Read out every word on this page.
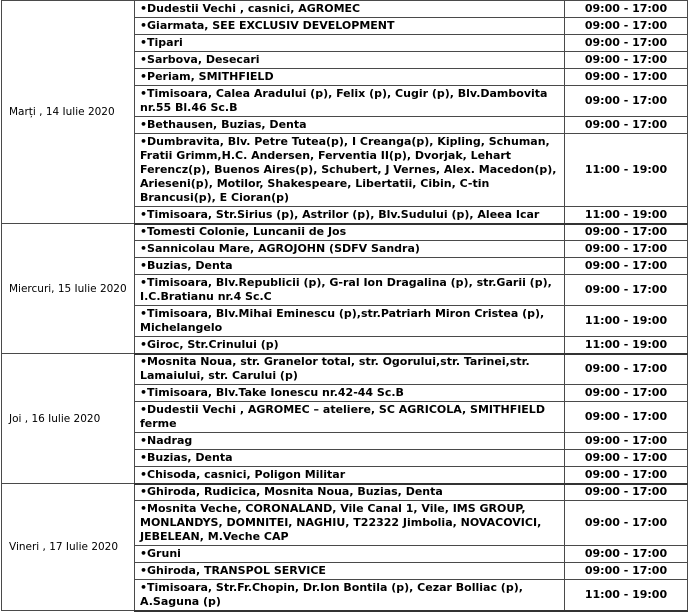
Marți , 14 Iulie 2020	• Dudestii Vechi , casnici, AGROMEC	09:00 - 17:00
	• Giarmata, SEE EXCLUSIV DEVELOPMENT	09:00 - 17:00
	• Tipari	09:00 - 17:00
	• Sarbova, Desecari	09:00 - 17:00
	• Periam, SMITHFIELD	09:00 - 17:00
	• Timisoara, Calea Aradului (p), Felix (p), Cugir (p), Blv.Dambovita nr.55 Bl.46 Sc.B	09:00 - 17:00
	• Bethausen, Buzias, Denta	09:00 - 17:00
	• Dumbravita, Blv. Petre Tutea(p), I Creanga(p), Kipling, Schuman, Fratii Grimm,H.C. Andersen, Ferventia II(p), Dvorjak, Lehart Ferencz(p), Buenos Aires(p), Schubert, J Vernes, Alex. Macedon(p), Arieseni(p), Motilor, Shakespeare, Libertatii, Cibin, C-tin Brancusi(p), E Cioran(p)	11:00 - 19:00
	• Timisoara, Str.Sirius (p), Astrilor (p), Blv.Sudului (p), Aleea Icar	11:00 - 19:00
Miercuri, 15 Iulie 2020	• Tomesti Colonie, Luncanii de Jos	09:00 - 17:00
	• Sannicolau Mare, AGROJOHN (SDFV Sandra)	09:00 - 17:00
	• Buzias, Denta	09:00 - 17:00
	• Timisoara, Blv.Republicii (p), G-ral Ion Dragalina (p), str.Garii (p), I.C.Bratianu nr.4 Sc.C	09:00 - 17:00
	• Timisoara, Blv.Mihai Eminescu (p),str.Patriarh Miron Cristea (p), Michelangelo	11:00 - 19:00
	• Giroc, Str.Crinului (p)	11:00 - 19:00
Joi , 16 Iulie 2020	• Mosnita Noua, str. Granelor total, str. Ogorului,str. Tarinei,str. Lamaiului, str. Carului (p)	09:00 - 17:00
	• Timisoara, Blv.Take Ionescu nr.42-44 Sc.B	09:00 - 17:00
	• Dudestii Vechi , AGROMEC – ateliere, SC AGRICOLA, SMITHFIELD ferme	09:00 - 17:00
	• Nadrag	09:00 - 17:00
	• Buzias, Denta	09:00 - 17:00
	• Chisoda, casnici, Poligon Militar	09:00 - 17:00
Vineri , 17 Iulie 2020	• Ghiroda, Rudicica, Mosnita Noua, Buzias, Denta	09:00 - 17:00
	• Mosnita Veche, CORONALAND, Vile Canal 1, Vile, IMS GROUP, MONLANDYS, DOMNITEI, NAGHIU, T22322 Jimbolia, NOVACOVICI, JEBELEAN, M.Veche CAP	09:00 - 17:00
	• Gruni	09:00 - 17:00
	• Ghiroda, TRANSPOL SERVICE	09:00 - 17:00
	• Timisoara, Str.Fr.Chopin, Dr.Ion Bontila (p), Cezar Bolliac (p), A.Saguna (p)	11:00 - 19:00
